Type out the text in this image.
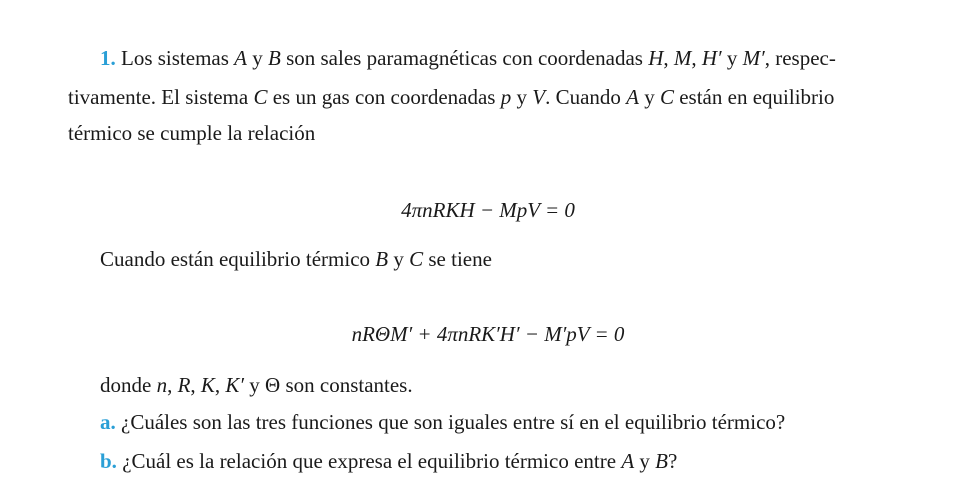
1. Los sistemas A y B son sales paramagnéticas con coordenadas H, M, H′ y M′, respec-
tivamente. El sistema C es un gas con coordenadas p y V. Cuando A y C están en equilibrio
térmico se cumple la relación
4πnRKH − MpV = 0
Cuando están equilibrio térmico B y C se tiene
nRΘM′ + 4πnRK′H′ − M′pV = 0
donde n, R, K, K′ y Θ son constantes.
a. ¿Cuáles son las tres funciones que son iguales entre sí en el equilibrio térmico?
b. ¿Cuál es la relación que expresa el equilibrio térmico entre A y B?
